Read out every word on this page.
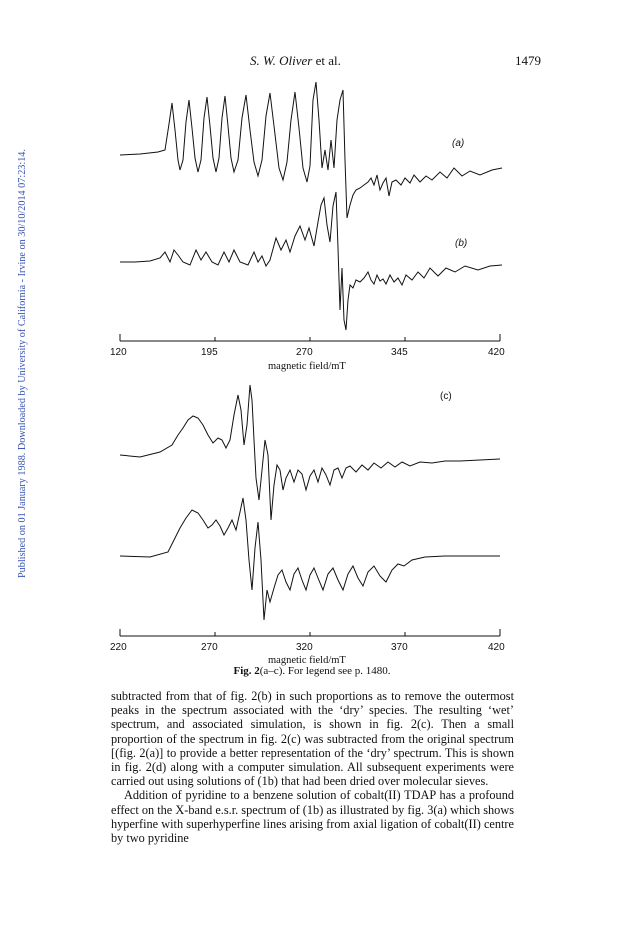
Published on 01 January 1988. Downloaded by University of California - Irvine on 30/10/2014 07:23:14.
S. W. Oliver et al.	1479
(a)
(b)
120	195	270	345	420
magnetic field/mT
(c)
220	270	320	370	420
magnetic field/mT
Fig. 2(a–c). For legend see p. 1480.

subtracted from that of fig. 2(b) in such proportions as to remove the outermost peaks in the spectrum associated with the ‘dry’ species. The resulting ‘wet’ spectrum, and associated simulation, is shown in fig. 2(c). Then a small proportion of the spectrum in fig. 2(c) was subtracted from the original spectrum [(fig. 2(a)] to provide a better representation of the ‘dry’ spectrum. This is shown in fig. 2(d) along with a computer simulation. All subsequent experiments were carried out using solutions of (1b) that had been dried over molecular sieves.

Addition of pyridine to a benzene solution of cobalt(II) TDAP has a profound effect on the X-band e.s.r. spectrum of (1b) as illustrated by fig. 3(a) which shows hyperfine with superhyperfine lines arising from axial ligation of cobalt(II) centre by two pyridine
